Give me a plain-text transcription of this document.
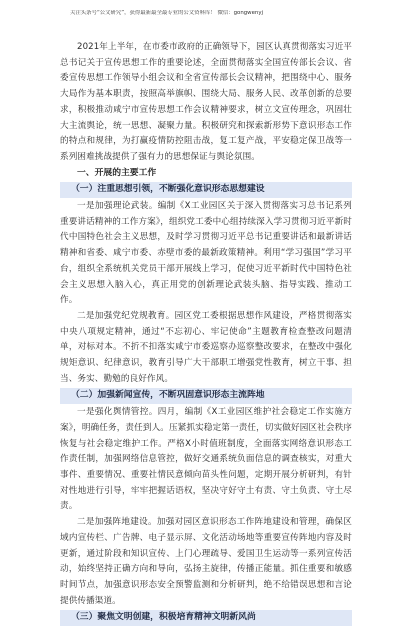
关注头条号“公文研究”，获得最新最全最专业的公文资料库！ 微信：gongwenyj

2021年上半年，在市委市政府的正确领导下，园区认真贯彻落实习近平总书记关于宣传思想工作的重要论述，全面贯彻落实全国宣传部长会议、省委宣传思想工作领导小组会议和全省宣传部长会议精神，把围绕中心、服务大局作为基本职责，按照高举旗帜、围绕大局、服务人民、改革创新的总要求，积极推动咸宁市宣传思想工作会议精神要求，树立文宣传理念，巩固壮大主流舆论，统一思想、凝聚力量。积极研究和探索新形势下意识形态工作的特点和规律，为打赢疫情防控阻击战，复工复产战，平安稳定保卫战等一系列困难挑战提供了强有力的思想保证与舆论氛围。

一、开展的主要工作

（一）注重思想引领，不断强化意识形态思想建设

一是加强理论武装。编制《X工业园区关于深入贯彻落实习总书记系列重要讲话精神的工作方案》，组织党工委中心组持续深入学习贯彻习近平新时代中国特色社会主义思想，及时学习贯彻习近平总书记重要讲话和最新讲话精神和省委、咸宁市委、赤壁市委的最新政策精神。利用“学习强国”学习平台，组织全系统机关党员干部开展线上学习，促使习近平新时代中国特色社会主义思想入脑入心，真正用党的创新理论武装头脑、指导实践、推动工作。

二是加强党纪党规教育。园区党工委根据思想作风建设，严格贯彻落实中央八项规定精神，通过“不忘初心、牢记使命”主题教育检查整改问题清单，对标对本。不折不扣落实咸宁市委巡察办巡察整改要求，在整改中强化规矩意识、纪律意识，教育引导广大干部职工增强党性教育，树立干事、担当、务实、勤勉的良好作风。

（二）加强新闻宣传，不断巩固意识形态主流阵地

一是强化舆情管控。四月，编制《X工业园区维护社会稳定工作实施方案》，明确任务，责任到人。压紧抓实稳定第一责任，切实做好园区社会秩序恢复与社会稳定维护工作。严格X小时值班制度，全面落实网络意识形态工作责任制，加强网络信息管控，做好交通系统负面信息的调查核实，对重大事件、重要情况、重要社情民意倾向苗头性问题，定期开展分析研判，有针对性地进行引导，牢牢把握话语权，坚决守好守土有责、守土负责、守土尽责。

二是加强阵地建设。加强对园区意识形态工作阵地建设和管理，确保区域内宣传栏、广告牌、电子显示屏、文化活动场地等重要宣传阵地内容及时更新，通过阶段和知识宣传、上门心理疏导、爱国卫生运动等一系列宣传活动，始终坚持正确方向和导向，弘扬主旋律，传播正能量。抓住重要和敏感时间节点，加强意识形态安全预警监测和分析研判，绝不给错误思想和言论提供传播渠道。

（三）聚焦文明创建，积极培育精神文明新风尚
